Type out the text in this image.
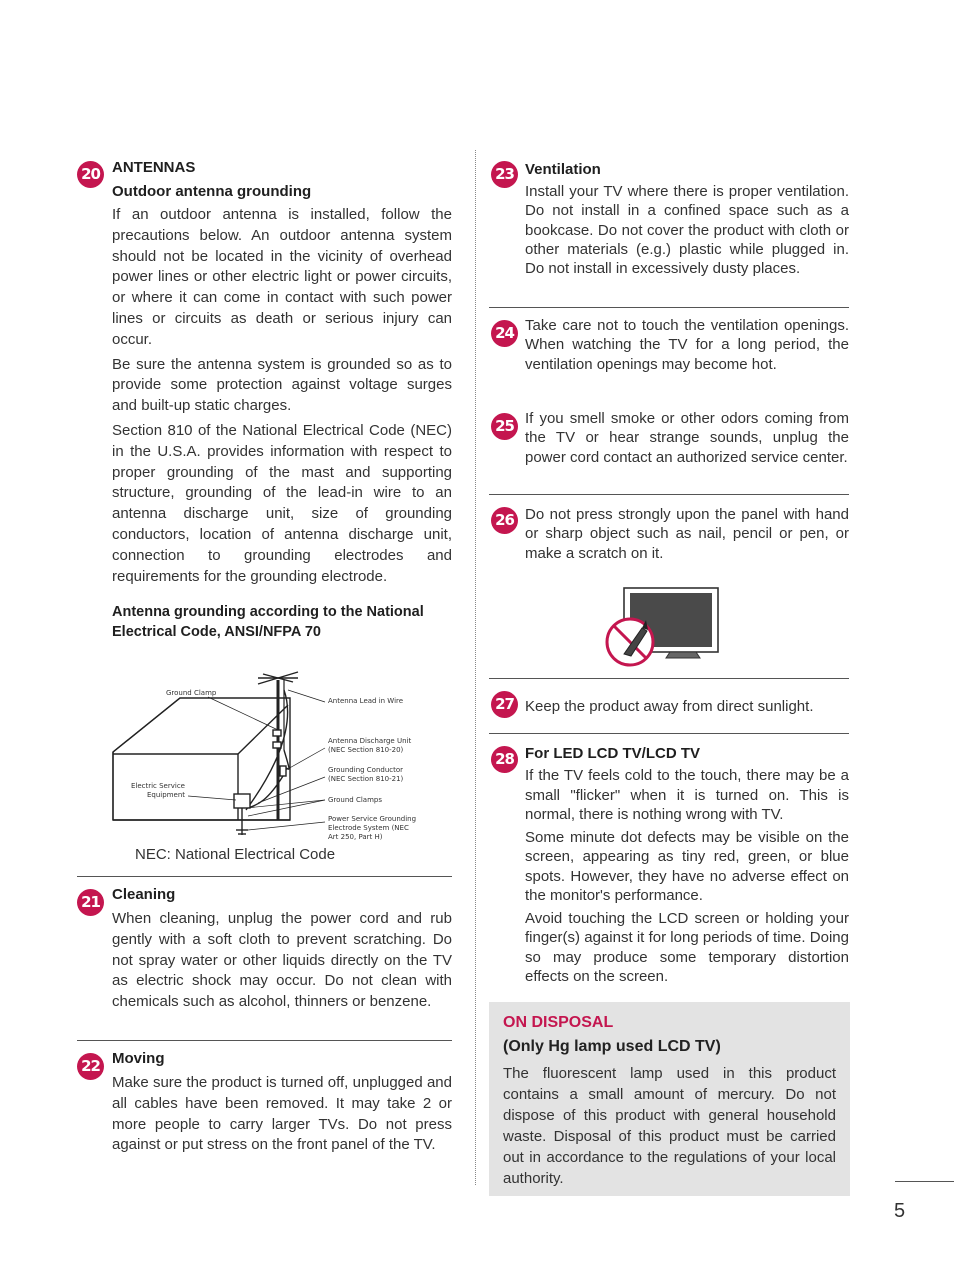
20 ANTENNAS
Outdoor antenna grounding

If an outdoor antenna is installed, follow the precautions below. An outdoor antenna system should not be located in the vicinity of overhead power lines or other electric light or power circuits, or where it can come in contact with such power lines or circuits as death or serious injury can occur.

Be sure the antenna system is grounded so as to provide some protection against voltage surges and built-up static charges.

Section 810 of the National Electrical Code (NEC) in the U.S.A. provides information with respect to proper grounding of the mast and supporting structure, grounding of the lead-in wire to an antenna discharge unit, size of grounding conductors, location of antenna discharge unit, connection to grounding electrodes and requirements for the grounding electrode.

Antenna grounding according to the National Electrical Code, ANSI/NFPA 70
Ground Clamp
Antenna Lead in Wire
Antenna Discharge Unit
(NEC Section 810-20)
Grounding Conductor
(NEC Section 810-21)
Ground Clamps
Electric Service
Equipment
Power Service Grounding
Electrode System (NEC
Art 250, Part H)
NEC: National Electrical Code
21 Cleaning

When cleaning, unplug the power cord and rub gently with a soft cloth to prevent scratching. Do not spray water or other liquids directly on the TV as electric shock may occur. Do not clean with chemicals such as alcohol, thinners or benzene.

22 Moving

Make sure the product is turned off, unplugged and all cables have been removed. It may take 2 or more people to carry larger TVs. Do not press against or put stress on the front panel of the TV.

23 Ventilation

Install your TV where there is proper ventilation. Do not install in a confined space such as a bookcase. Do not cover the product with cloth or other materials (e.g.) plastic while plugged in. Do not install in excessively dusty places.

24 Take care not to touch the ventilation openings. When watching the TV for a long period, the ventilation openings may become hot.

25 If you smell smoke or other odors coming from the TV or hear strange sounds, unplug the power cord contact an authorized service center.

26 Do not press strongly upon the panel with hand or sharp object such as nail, pencil or pen, or make a scratch on it.

27 Keep the product away from direct sunlight.

28 For LED LCD TV/LCD TV

If the TV feels cold to the touch, there may be a small "flicker" when it is turned on. This is normal, there is nothing wrong with TV.

Some minute dot defects may be visible on the screen, appearing as tiny red, green, or blue spots. However, they have no adverse effect on the monitor's performance.

Avoid touching the LCD screen or holding your finger(s) against it for long periods of time. Doing so may produce some temporary distortion effects on the screen.

ON DISPOSAL
(Only Hg lamp used LCD TV)

The fluorescent lamp used in this product contains a small amount of mercury. Do not dispose of this product with general household waste. Disposal of this product must be carried out in accordance to the regulations of your local authority.

5
